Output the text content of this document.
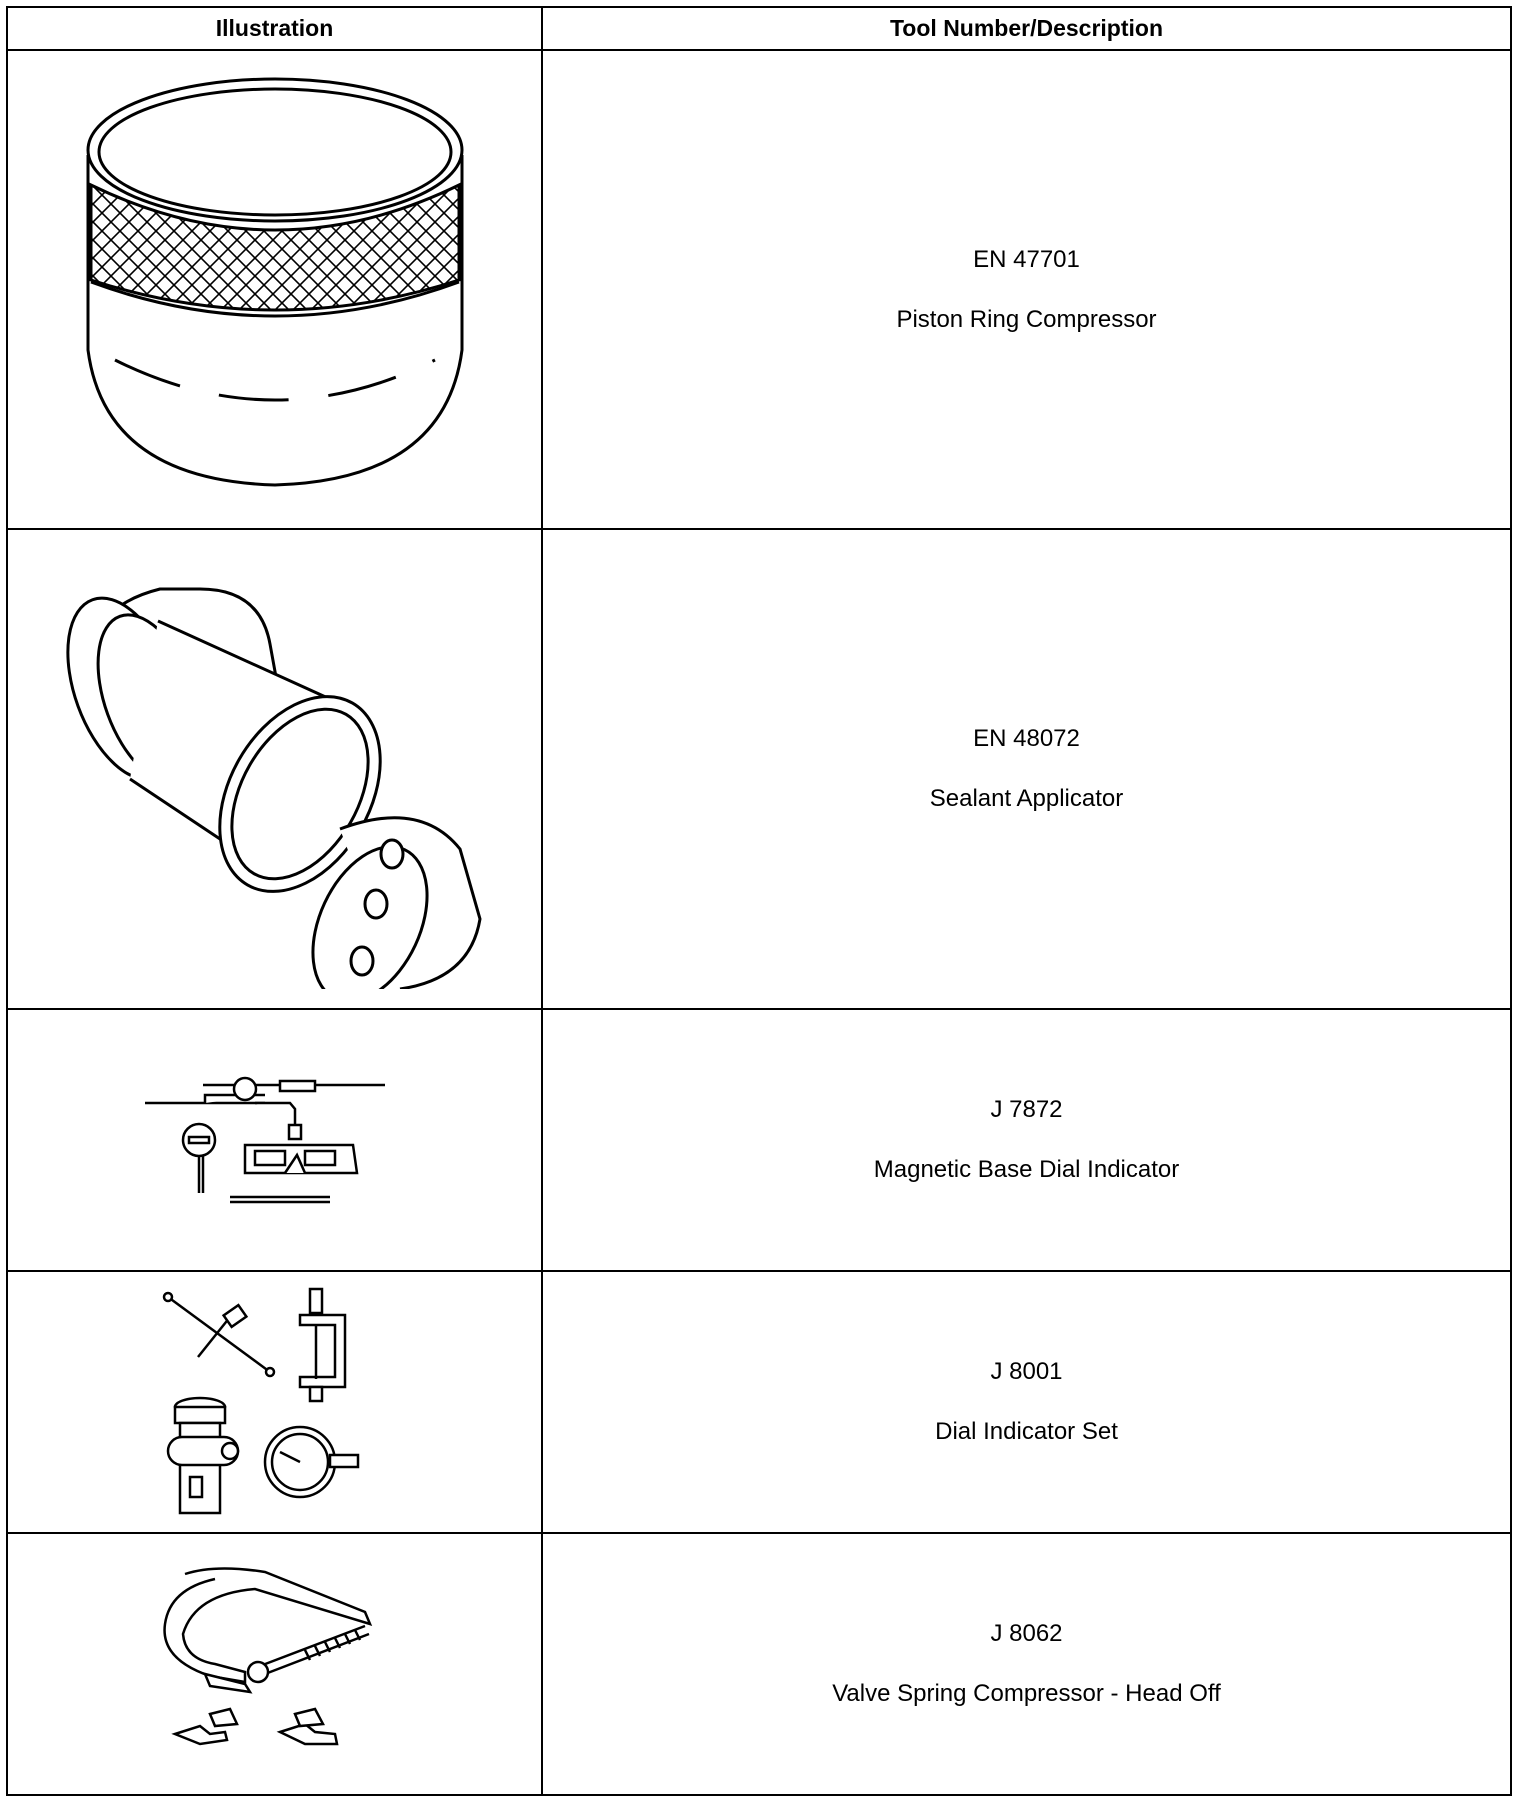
Illustration	Tool Number/Description

EN 47701
Piston Ring Compressor

EN 48072
Sealant Applicator

J 7872
Magnetic Base Dial Indicator

J 8001
Dial Indicator Set

J 8062
Valve Spring Compressor - Head Off
